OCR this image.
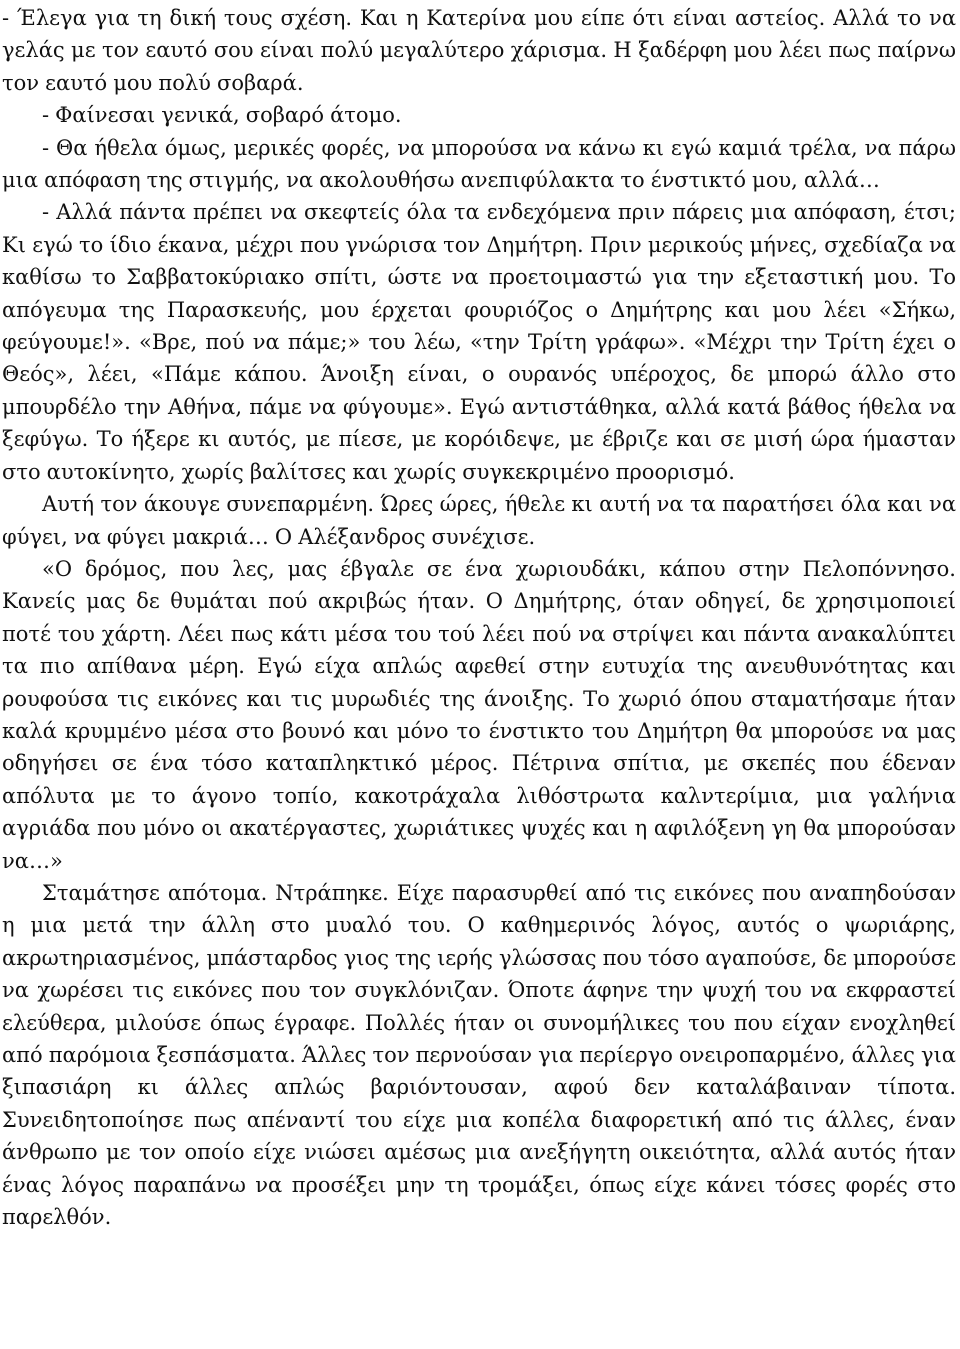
- Έλεγα για τη δική τους σχέση. Και η Κατερίνα μου είπε ότι είναι αστείος. Αλλά το να γελάς με τον εαυτό σου είναι πολύ μεγαλύτερο χάρισμα. Η ξαδέρφη μου λέει πως παίρνω τον εαυτό μου πολύ σοβαρά.

- Φαίνεσαι γενικά, σοβαρό άτομο.

- Θα ήθελα όμως, μερικές φορές, να μπορούσα να κάνω κι εγώ καμιά τρέλα, να πάρω μια απόφαση της στιγμής, να ακολουθήσω ανεπιφύλακτα το ένστικτό μου, αλλά…

- Αλλά πάντα πρέπει να σκεφτείς όλα τα ενδεχόμενα πριν πάρεις μια απόφαση, έτσι; Κι εγώ το ίδιο έκανα, μέχρι που γνώρισα τον Δημήτρη. Πριν μερικούς μήνες, σχεδίαζα να καθίσω το Σαββατοκύριακο σπίτι, ώστε να προετοιμαστώ για την εξεταστική μου. Το απόγευμα της Παρασκευής, μου έρχεται φουριόζος ο Δημήτρης και μου λέει «Σήκω, φεύγουμε!». «Βρε, πού να πάμε;» του λέω, «την Τρίτη γράφω». «Μέχρι την Τρίτη έχει ο Θεός», λέει, «Πάμε κάπου. Άνοιξη είναι, ο ουρανός υπέροχος, δε μπορώ άλλο στο μπουρδέλο την Αθήνα, πάμε να φύγουμε». Εγώ αντιστάθηκα, αλλά κατά βάθος ήθελα να ξεφύγω. Το ήξερε κι αυτός, με πίεσε, με κορόιδεψε, με έβριζε και σε μισή ώρα ήμασταν στο αυτοκίνητο, χωρίς βαλίτσες και χωρίς συγκεκριμένο προορισμό.

Αυτή τον άκουγε συνεπαρμένη. Ώρες ώρες, ήθελε κι αυτή να τα παρατήσει όλα και να φύγει, να φύγει μακριά… Ο Αλέξανδρος συνέχισε.

«Ο δρόμος, που λες, μας έβγαλε σε ένα χωριουδάκι, κάπου στην Πελοπόννησο. Κανείς μας δε θυμάται πού ακριβώς ήταν. Ο Δημήτρης, όταν οδηγεί, δε χρησιμοποιεί ποτέ του χάρτη. Λέει πως κάτι μέσα του τού λέει πού να στρίψει και πάντα ανακαλύπτει τα πιο απίθανα μέρη. Εγώ είχα απλώς αφεθεί στην ευτυχία της ανευθυνότητας και ρουφούσα τις εικόνες και τις μυρωδιές της άνοιξης. Το χωριό όπου σταματήσαμε ήταν καλά κρυμμένο μέσα στο βουνό και μόνο το ένστικτο του Δημήτρη θα μπορούσε να μας οδηγήσει σε ένα τόσο καταπληκτικό μέρος. Πέτρινα σπίτια, με σκεπές που έδεναν απόλυτα με το άγονο τοπίο, κακοτράχαλα λιθόστρωτα καλντερίμια, μια γαλήνια αγριάδα που μόνο οι ακατέργαστες, χωριάτικες ψυχές και η αφιλόξενη γη θα μπορούσαν να…»

Σταμάτησε απότομα. Ντράπηκε. Είχε παρασυρθεί από τις εικόνες που αναπηδούσαν η μια μετά την άλλη στο μυαλό του. Ο καθημερινός λόγος, αυτός ο ψωριάρης, ακρωτηριασμένος, μπάσταρδος γιος της ιερής γλώσσας που τόσο αγαπούσε, δε μπορούσε να χωρέσει τις εικόνες που τον συγκλόνιζαν. Όποτε άφηνε την ψυχή του να εκφραστεί ελεύθερα, μιλούσε όπως έγραφε. Πολλές ήταν οι συνομήλικες του που είχαν ενοχληθεί από παρόμοια ξεσπάσματα. Άλλες τον περνούσαν για περίεργο ονειροπαρμένο, άλλες για ξιπασιάρη κι άλλες απλώς βαριόντουσαν, αφού δεν καταλάβαιναν τίποτα. Συνειδητοποίησε πως απέναντί του είχε μια κοπέλα διαφορετική από τις άλλες, έναν άνθρωπο με τον οποίο είχε νιώσει αμέσως μια ανεξήγητη οικειότητα, αλλά αυτός ήταν ένας λόγος παραπάνω να προσέξει μην τη τρομάξει, όπως είχε κάνει τόσες φορές στο παρελθόν.
